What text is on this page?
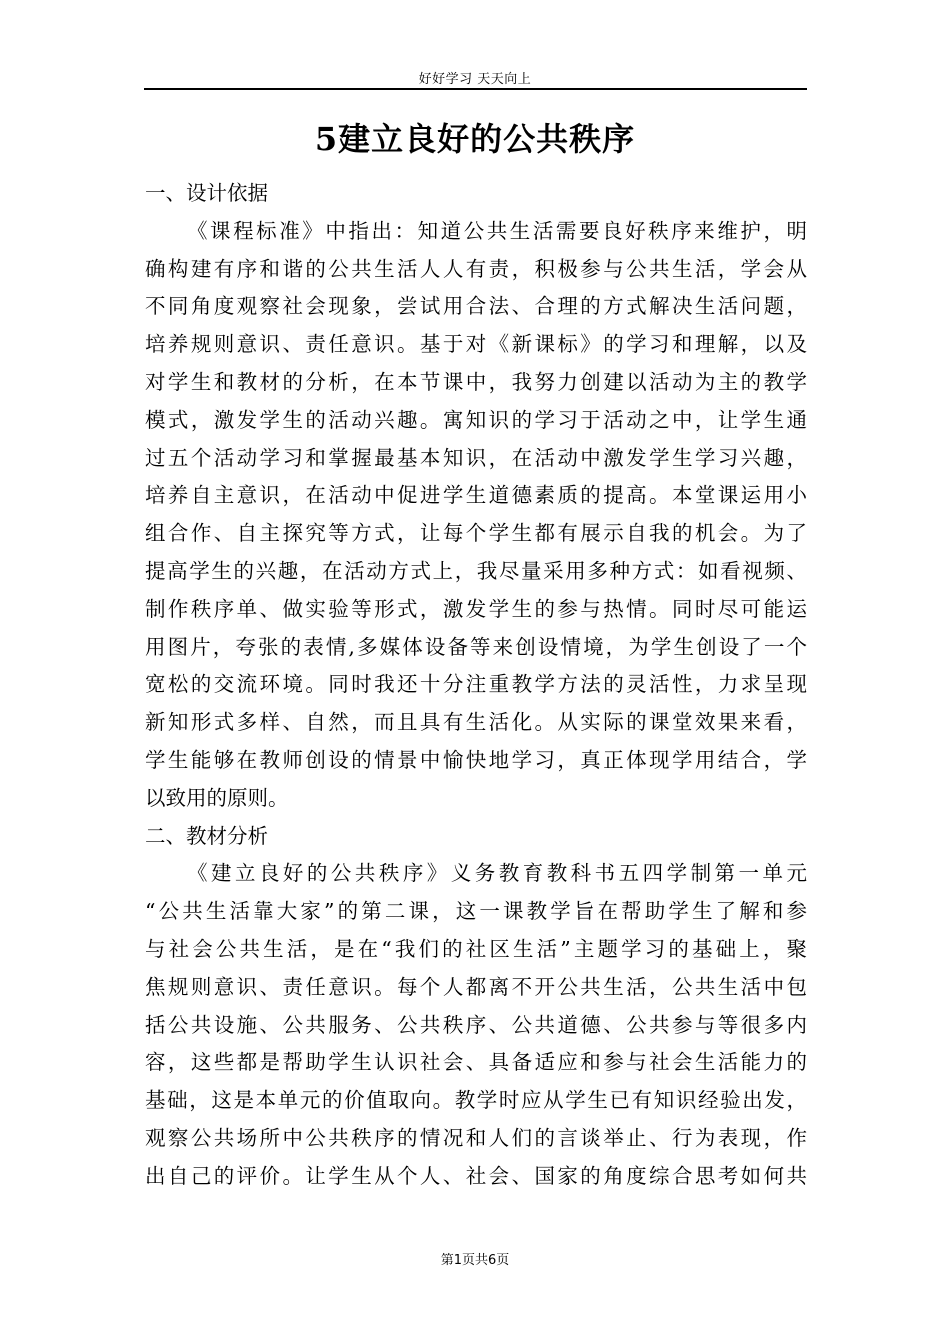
好好学习 天天向上
5建立良好的公共秩序
一、设计依据
《课程标准》中指出：知道公共生活需要良好秩序来维护，明
确构建有序和谐的公共生活人人有责，积极参与公共生活，学会从
不同角度观察社会现象，尝试用合法、合理的方式解决生活问题，
培养规则意识、责任意识。基于对《新课标》的学习和理解，以及
对学生和教材的分析，在本节课中，我努力创建以活动为主的教学
模式，激发学生的活动兴趣。寓知识的学习于活动之中，让学生通
过五个活动学习和掌握最基本知识，在活动中激发学生学习兴趣，
培养自主意识，在活动中促进学生道德素质的提高。本堂课运用小
组合作、自主探究等方式，让每个学生都有展示自我的机会。为了
提高学生的兴趣，在活动方式上，我尽量采用多种方式：如看视频、
制作秩序单、做实验等形式，激发学生的参与热情。同时尽可能运
用图片，夸张的表情,多媒体设备等来创设情境，为学生创设了一个
宽松的交流环境。同时我还十分注重教学方法的灵活性，力求呈现
新知形式多样、自然，而且具有生活化。从实际的课堂效果来看，
学生能够在教师创设的情景中愉快地学习，真正体现学用结合，学
以致用的原则。
二、教材分析
《建立良好的公共秩序》义务教育教科书五四学制第一单元
“公共生活靠大家”的第二课，这一课教学旨在帮助学生了解和参
与社会公共生活，是在“我们的社区生活”主题学习的基础上，聚
焦规则意识、责任意识。每个人都离不开公共生活，公共生活中包
括公共设施、公共服务、公共秩序、公共道德、公共参与等很多内
容，这些都是帮助学生认识社会、具备适应和参与社会生活能力的
基础，这是本单元的价值取向。教学时应从学生已有知识经验出发，
观察公共场所中公共秩序的情况和人们的言谈举止、行为表现，作
出自己的评价。让学生从个人、社会、国家的角度综合思考如何共
第1页共6页
